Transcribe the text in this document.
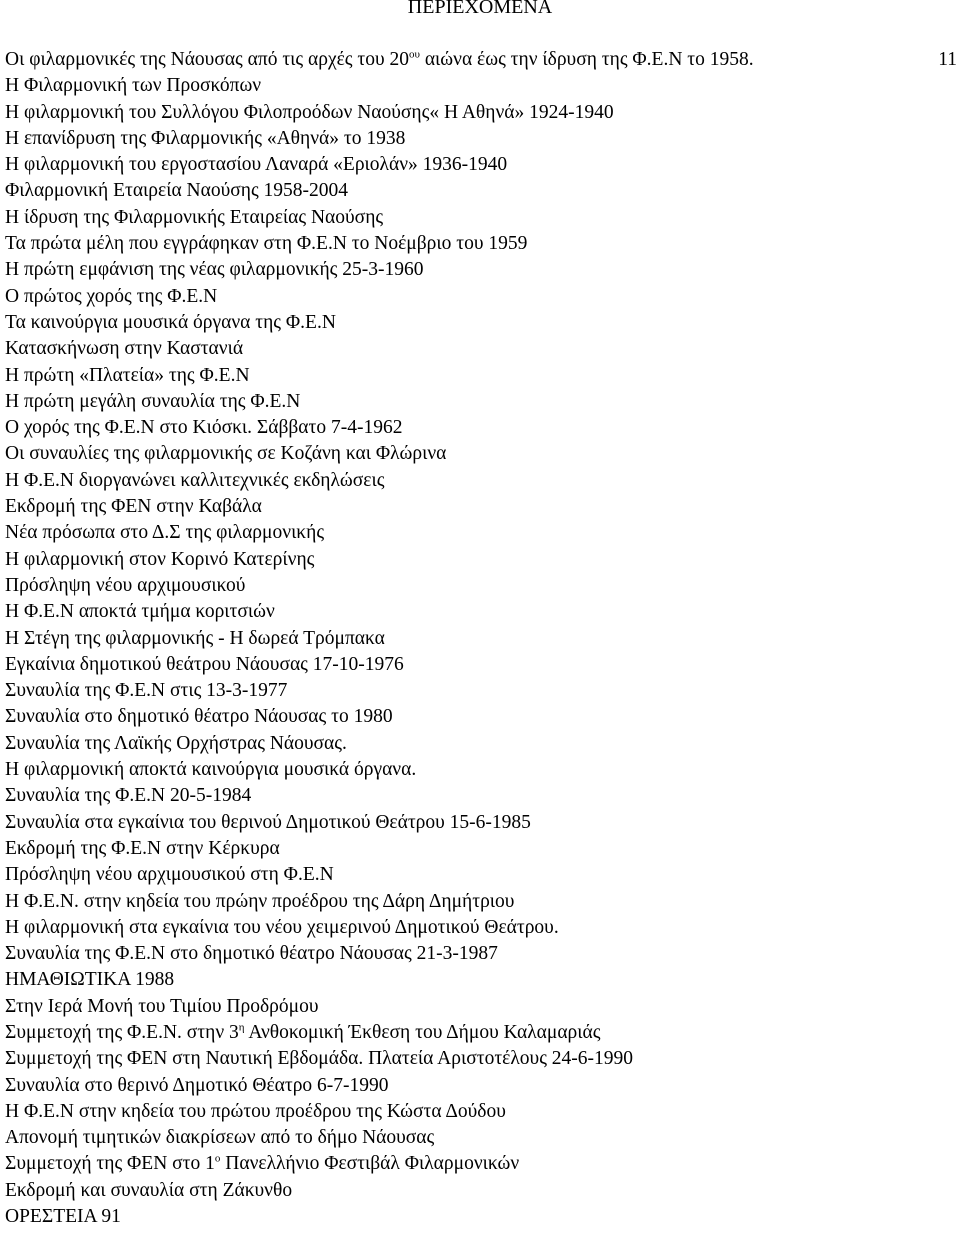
ΠΕΡΙΕΧΟΜΕΝΑ
Οι φιλαρμονικές της Νάουσας από τις αρχές του $20^{o\upsilon}$ αιώνα έως την ίδρυση της Φ.Ε.Ν το 1958.	11
Η Φιλαρμονική των Προσκόπων
Η φιλαρμονική του Συλλόγου Φιλοπροόδων Ναούσης« Η Αθηνά» 1924-1940
Η επανίδρυση της Φιλαρμονικής «Αθηνά» το 1938
Η φιλαρμονική του εργοστασίου Λαναρά «Εριολάν» 1936-1940
Φιλαρμονική Εταιρεία Ναούσης 1958-2004
Η ίδρυση της Φιλαρμονικής Εταιρείας Ναούσης
Τα πρώτα μέλη που εγγράφηκαν στη Φ.Ε.Ν το Νοέμβριο του 1959
Η πρώτη εμφάνιση της νέας φιλαρμονικής 25-3-1960
Ο πρώτος χορός της Φ.Ε.Ν
Τα καινούργια μουσικά όργανα της Φ.Ε.Ν
Κατασκήνωση στην Καστανιά
Η πρώτη «Πλατεία» της Φ.Ε.Ν
Η πρώτη μεγάλη συναυλία της Φ.Ε.Ν
Ο χορός της Φ.Ε.Ν στο Κιόσκι. Σάββατο 7-4-1962
Οι συναυλίες της φιλαρμονικής σε Κοζάνη και Φλώρινα
Η Φ.Ε.Ν διοργανώνει καλλιτεχνικές εκδηλώσεις
Εκδρομή της ΦΕΝ στην Καβάλα
Νέα πρόσωπα στο Δ.Σ της φιλαρμονικής
Η φιλαρμονική στον Κορινό Κατερίνης
Πρόσληψη νέου αρχιμουσικού
Η Φ.Ε.Ν αποκτά τμήμα κοριτσιών
Η Στέγη της φιλαρμονικής - Η δωρεά Τρόμπακα
Εγκαίνια δημοτικού θεάτρου Νάουσας 17-10-1976
Συναυλία της Φ.Ε.Ν στις 13-3-1977
Συναυλία στο δημοτικό θέατρο Νάουσας το 1980
Συναυλία της Λαϊκής Ορχήστρας Νάουσας.
Η φιλαρμονική αποκτά καινούργια μουσικά όργανα.
Συναυλία της Φ.Ε.Ν 20-5-1984
Συναυλία στα εγκαίνια του θερινού Δημοτικού Θεάτρου 15-6-1985
Εκδρομή της Φ.Ε.Ν στην Κέρκυρα
Πρόσληψη νέου αρχιμουσικού στη Φ.Ε.Ν
Η Φ.Ε.Ν. στην κηδεία του πρώην προέδρου της Δάρη Δημήτριου
Η φιλαρμονική στα εγκαίνια του νέου χειμερινού Δημοτικού Θεάτρου.
Συναυλία της Φ.Ε.Ν στο δημοτικό θέατρο Νάουσας 21-3-1987
ΗΜΑΘΙΩΤΙΚΑ 1988
Στην Ιερά Μονή του Τιμίου Προδρόμου
Συμμετοχή της Φ.Ε.Ν. στην $3^\eta$ Ανθοκομική Έκθεση του Δήμου Καλαμαριάς
Συμμετοχή της ΦΕΝ στη Ναυτική Εβδομάδα. Πλατεία Αριστοτέλους 24-6-1990
Συναυλία στο θερινό Δημοτικό Θέατρο 6-7-1990
Η Φ.Ε.Ν στην κηδεία του πρώτου προέδρου της Κώστα Δούδου
Απονομή τιμητικών διακρίσεων από το δήμο Νάουσας
Συμμετοχή της ΦΕΝ στο $1^o$ Πανελλήνιο Φεστιβάλ Φιλαρμονικών
Εκδρομή και συναυλία στη Ζάκυνθο
ΟΡΕΣΤΕΙΑ 91
